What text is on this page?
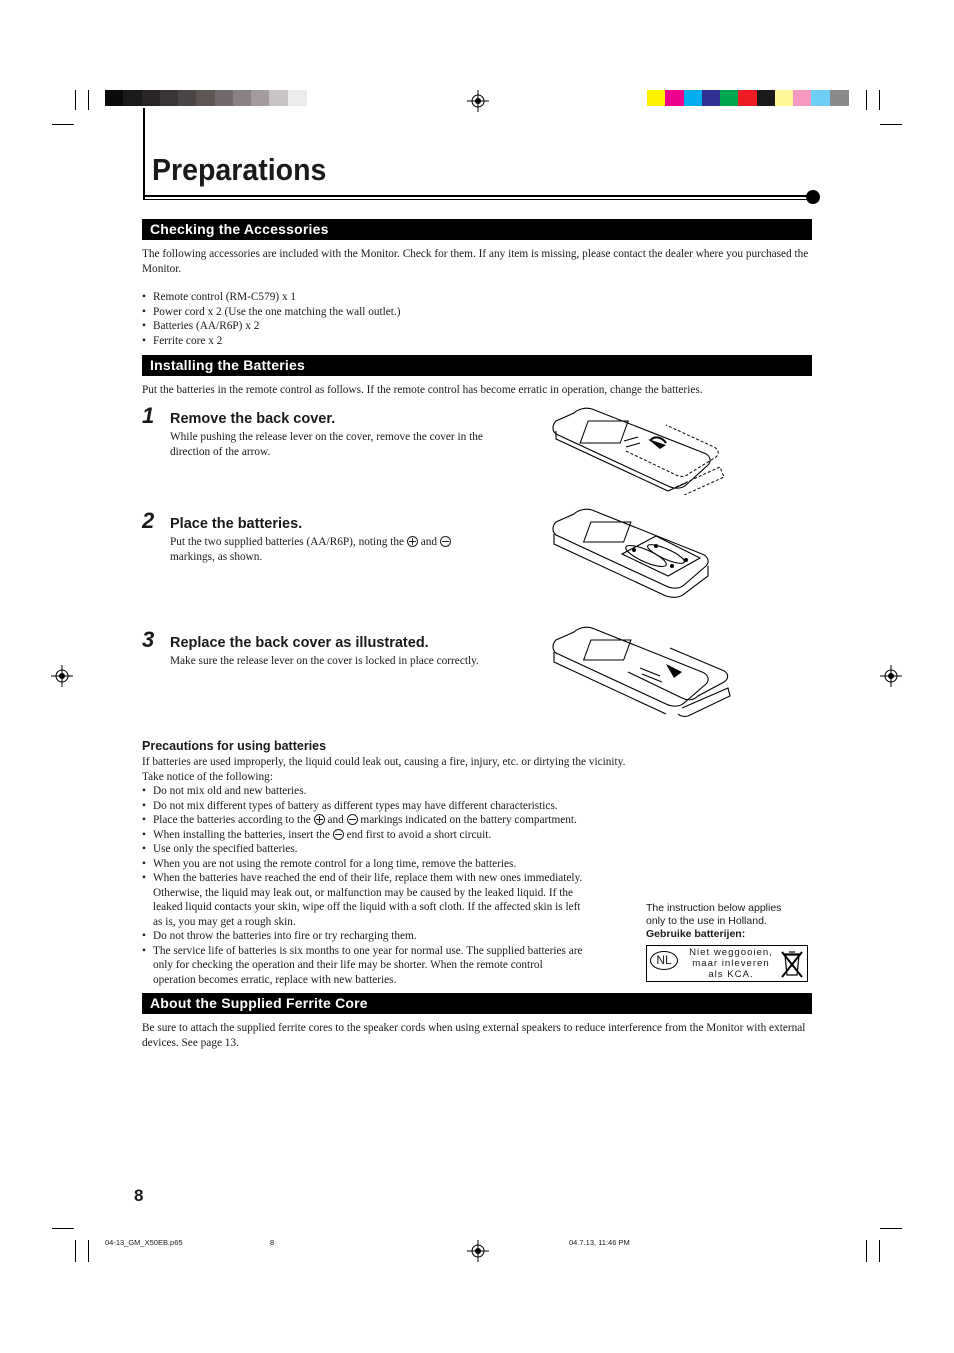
Preparations
Checking the Accessories

The following accessories are included with the Monitor. Check for them. If any item is missing, please contact the dealer where you purchased the Monitor.

• Remote control (RM-C579) x 1
• Power cord x 2 (Use the one matching the wall outlet.)
• Batteries (AA/R6P) x 2
• Ferrite core x 2
Installing the Batteries

Put the batteries in the remote control as follows. If the remote control has become erratic in operation, change the batteries.

1 Remove the back cover.
While pushing the release lever on the cover, remove the cover in the direction of the arrow.
2 Place the batteries.
Put the two supplied batteries (AA/R6P), noting the and
markings, as shown.
3 Replace the back cover as illustrated.
Make sure the release lever on the cover is locked in place correctly.
Precautions for using batteries
If batteries are used improperly, the liquid could leak out, causing a fire, injury, etc. or dirtying the vicinity.
Take notice of the following:
• Do not mix old and new batteries.
• Do not mix different types of battery as different types may have different characteristics.
• Place the batteries according to the and markings indicated on the battery compartment.
• When installing the batteries, insert the end first to avoid a short circuit.
• Use only the specified batteries.
• When you are not using the remote control for a long time, remove the batteries.
• When the batteries have reached the end of their life, replace them with new ones immediately. Otherwise, the liquid may leak out, or malfunction may be caused by the leaked liquid. If the leaked liquid contacts your skin, wipe off the liquid with a soft cloth. If the affected skin is left as is, you may get a rough skin.
• Do not throw the batteries into fire or try recharging them.
• The service life of batteries is six months to one year for normal use. The supplied batteries are only for checking the operation and their life may be shorter. When the remote control operation becomes erratic, replace with new batteries.
The instruction below applies
only to the use in Holland.
Gebruike batterijen:
NL
Niet weggooien,
maar inleveren
als KCA.
About the Supplied Ferrite Core

Be sure to attach the supplied ferrite cores to the speaker cords when using external speakers to reduce interference from the Monitor with external devices. See page 13.

8
04-13_GM_X50EB.p65	8	04.7.13, 11:46 PM
